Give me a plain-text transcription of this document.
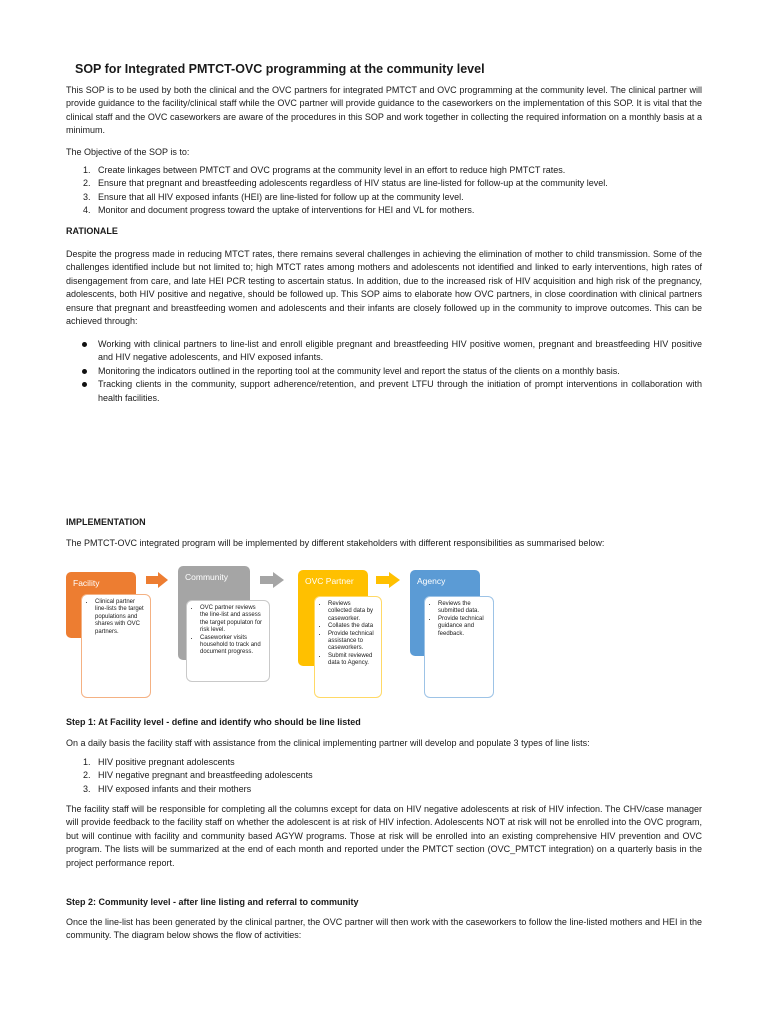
SOP for Integrated PMTCT-OVC programming at the community level
This SOP is to be used by both the clinical and the OVC partners for integrated PMTCT and OVC programming at the community level. The clinical partner will provide guidance to the facility/clinical staff while the OVC partner will provide guidance to the caseworkers on the implementation of this SOP. It is vital that the clinical staff and the OVC caseworkers are aware of the procedures in this SOP and work together in collecting the required information on a monthly basis at a minimum.
The Objective of the SOP is to:
1. Create linkages between PMTCT and OVC programs at the community level in an effort to reduce high PMTCT rates.
2. Ensure that pregnant and breastfeeding adolescents regardless of HIV status are line-listed for follow-up at the community level.
3. Ensure that all HIV exposed infants (HEI) are line-listed for follow up at the community level.
4. Monitor and document progress toward the uptake of interventions for HEI and VL for mothers.
RATIONALE
Despite the progress made in reducing MTCT rates, there remains several challenges in achieving the elimination of mother to child transmission. Some of the challenges identified include but not limited to; high MTCT rates among mothers and adolescents not identified and linked to early interventions, high rates of disengagement from care, and late HEI PCR testing to ascertain status. In addition, due to the increased risk of HIV acquisition and high risk of the pregnancy, adolescents, both HIV positive and negative, should be followed up. This SOP aims to elaborate how OVC partners, in close coordination with clinical partners ensure that pregnant and breastfeeding women and adolescents and their infants are closely followed up in the community to improve outcomes. This can be achieved through:
Working with clinical partners to line-list and enroll eligible pregnant and breastfeeding HIV positive women, pregnant and breastfeeding HIV positive and HIV negative adolescents, and HIV exposed infants.
Monitoring the indicators outlined in the reporting tool at the community level and report the status of the clients on a monthly basis.
Tracking clients in the community, support adherence/retention, and prevent LTFU through the initiation of prompt interventions in collaboration with health facilities.
IMPLEMENTATION
The PMTCT-OVC integrated program will be implemented by different stakeholders with different responsibilities as summarised below:
Facility
• Clinical partner line-lists the target populations and shares with OVC partners.
Community
• OVC partner reviews the line-list and assess the target populaton for risk level.
• Caseworker visits household to track and document progress.
OVC Partner
• Reviews collected data by caseworker.
• Collates the data
• Provide technical assistance to caseworkers.
• Submit reviewed data to Agency.
Agency
• Reviews the submitted data.
• Provide technical guidance and feedback.
Step 1: At Facility level - define and identify who should be line listed
On a daily basis the facility staff with assistance from the clinical implementing partner will develop and populate 3 types of line lists:
1. HIV positive pregnant adolescents
2. HIV negative pregnant and breastfeeding adolescents
3. HIV exposed infants and their mothers
The facility staff will be responsible for completing all the columns except for data on HIV negative adolescents at risk of HIV infection. The CHV/case manager will provide feedback to the facility staff on whether the adolescent is at risk of HIV infection. Adolescents NOT at risk will not be enrolled into the OVC program, but will continue with facility and community based AGYW programs. Those at risk will be enrolled into an existing comprehensive HIV prevention and OVC program. The lists will be summarized at the end of each month and reported under the PMTCT section (OVC_PMTCT integration) on a quarterly basis in the project performance report.
Step 2: Community level - after line listing and referral to community
Once the line-list has been generated by the clinical partner, the OVC partner will then work with the caseworkers to follow the line-listed mothers and HEI in the community. The diagram below shows the flow of activities:
